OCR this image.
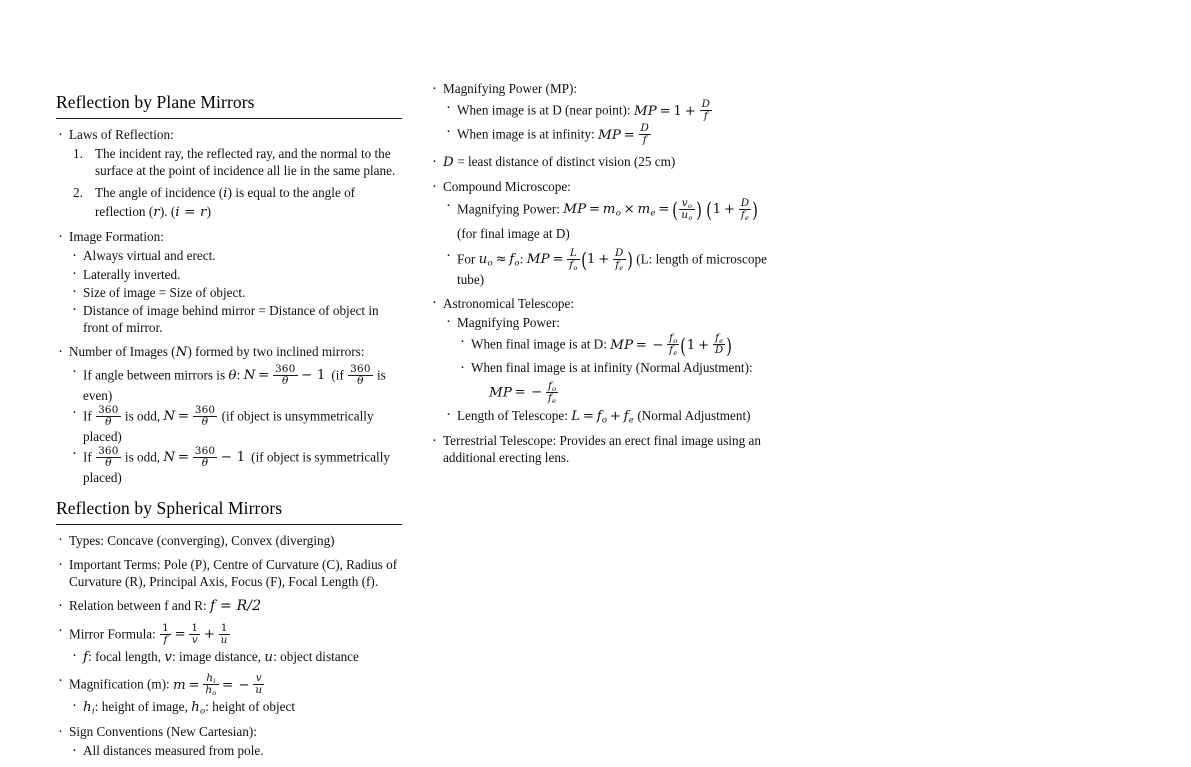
Reflection by Plane Mirrors
· Laws of Reflection:
The incident ray, the reflected ray, and the normal to the surface at the point of incidence all lie in the same plane.
The angle of incidence (i) is equal to the angle of reflection (r). (i = r)
· Image Formation:
· Always virtual and erect.
· Laterally inverted.
· Size of image = Size of object.
· Distance of image behind mirror = Distance of object in front of mirror.
· Number of Images (N) formed by two inclined mirrors:
· If angle between mirrors is θ: $N = \frac{360}{\theta} - 1$ ($if \frac{360}{\theta}$ is even)
· If $\frac{360}{\theta}$ is odd, $N = \frac{360}{\theta} (if$ object is unsymmetrically placed)
· If $\frac{360}{\theta}$ is odd, $N = \frac{360}{\theta} - 1$ (if object is symmetrically placed)
Reflection by Spherical Mirrors
· Types: Concave (converging), Convex (diverging)
· Important Terms: Pole (P), Centre of Curvature (C), Radius of Curvature (R), Principal Axis, Focus (F), Focal Length (f).
· Relation between f and R: f = R/2
· Mirror Formula: $\frac{1}{f} = \frac{1}{v} + \frac{1}{u}$
· f: focal length, v: image distance, u: object distance
· Magnification (m): $m = \frac{h_i}{h_o}$ = − $\frac{v}{u}$
· $h_i$: height of image, $h_o$: height of object
· Sign Conventions (New Cartesian):
· All distances measured from pole.
· Magnifying Power (MP):
· When image is at D (near point): MP = $1 + \frac{D}{f}$
· When image is at infinity: MP = $\frac{D}{f}$
· D = least distance of distinct vision (25 cm)
· Compound Microscope:
· Magnifying Power: MP = $m_o \times m_e$ = ( $\frac{v_o}{u_o}$ ) ($1 + \frac{D}{f_e}$ )
(for final image at D)
· For $u_o \approx f_o$: MP = $\frac{L}{f_o} (1 + \frac{D}{f_e}$ ) (L: length of microscope tube)
· Astronomical Telescope:
· Magnifying Power:
· When final image is at D: MP = − $\frac{f_o}{f_e} (1 + \frac{f_e}{D}$ )
· When final image is at infinity (Normal Adjustment):
MP = − $\frac{f_o}{f_e}$
· Length of Telescope: $L = f_o + f_e$ (Normal Adjustment)
· Terrestrial Telescope: Provides an erect final image using an additional erecting lens.
